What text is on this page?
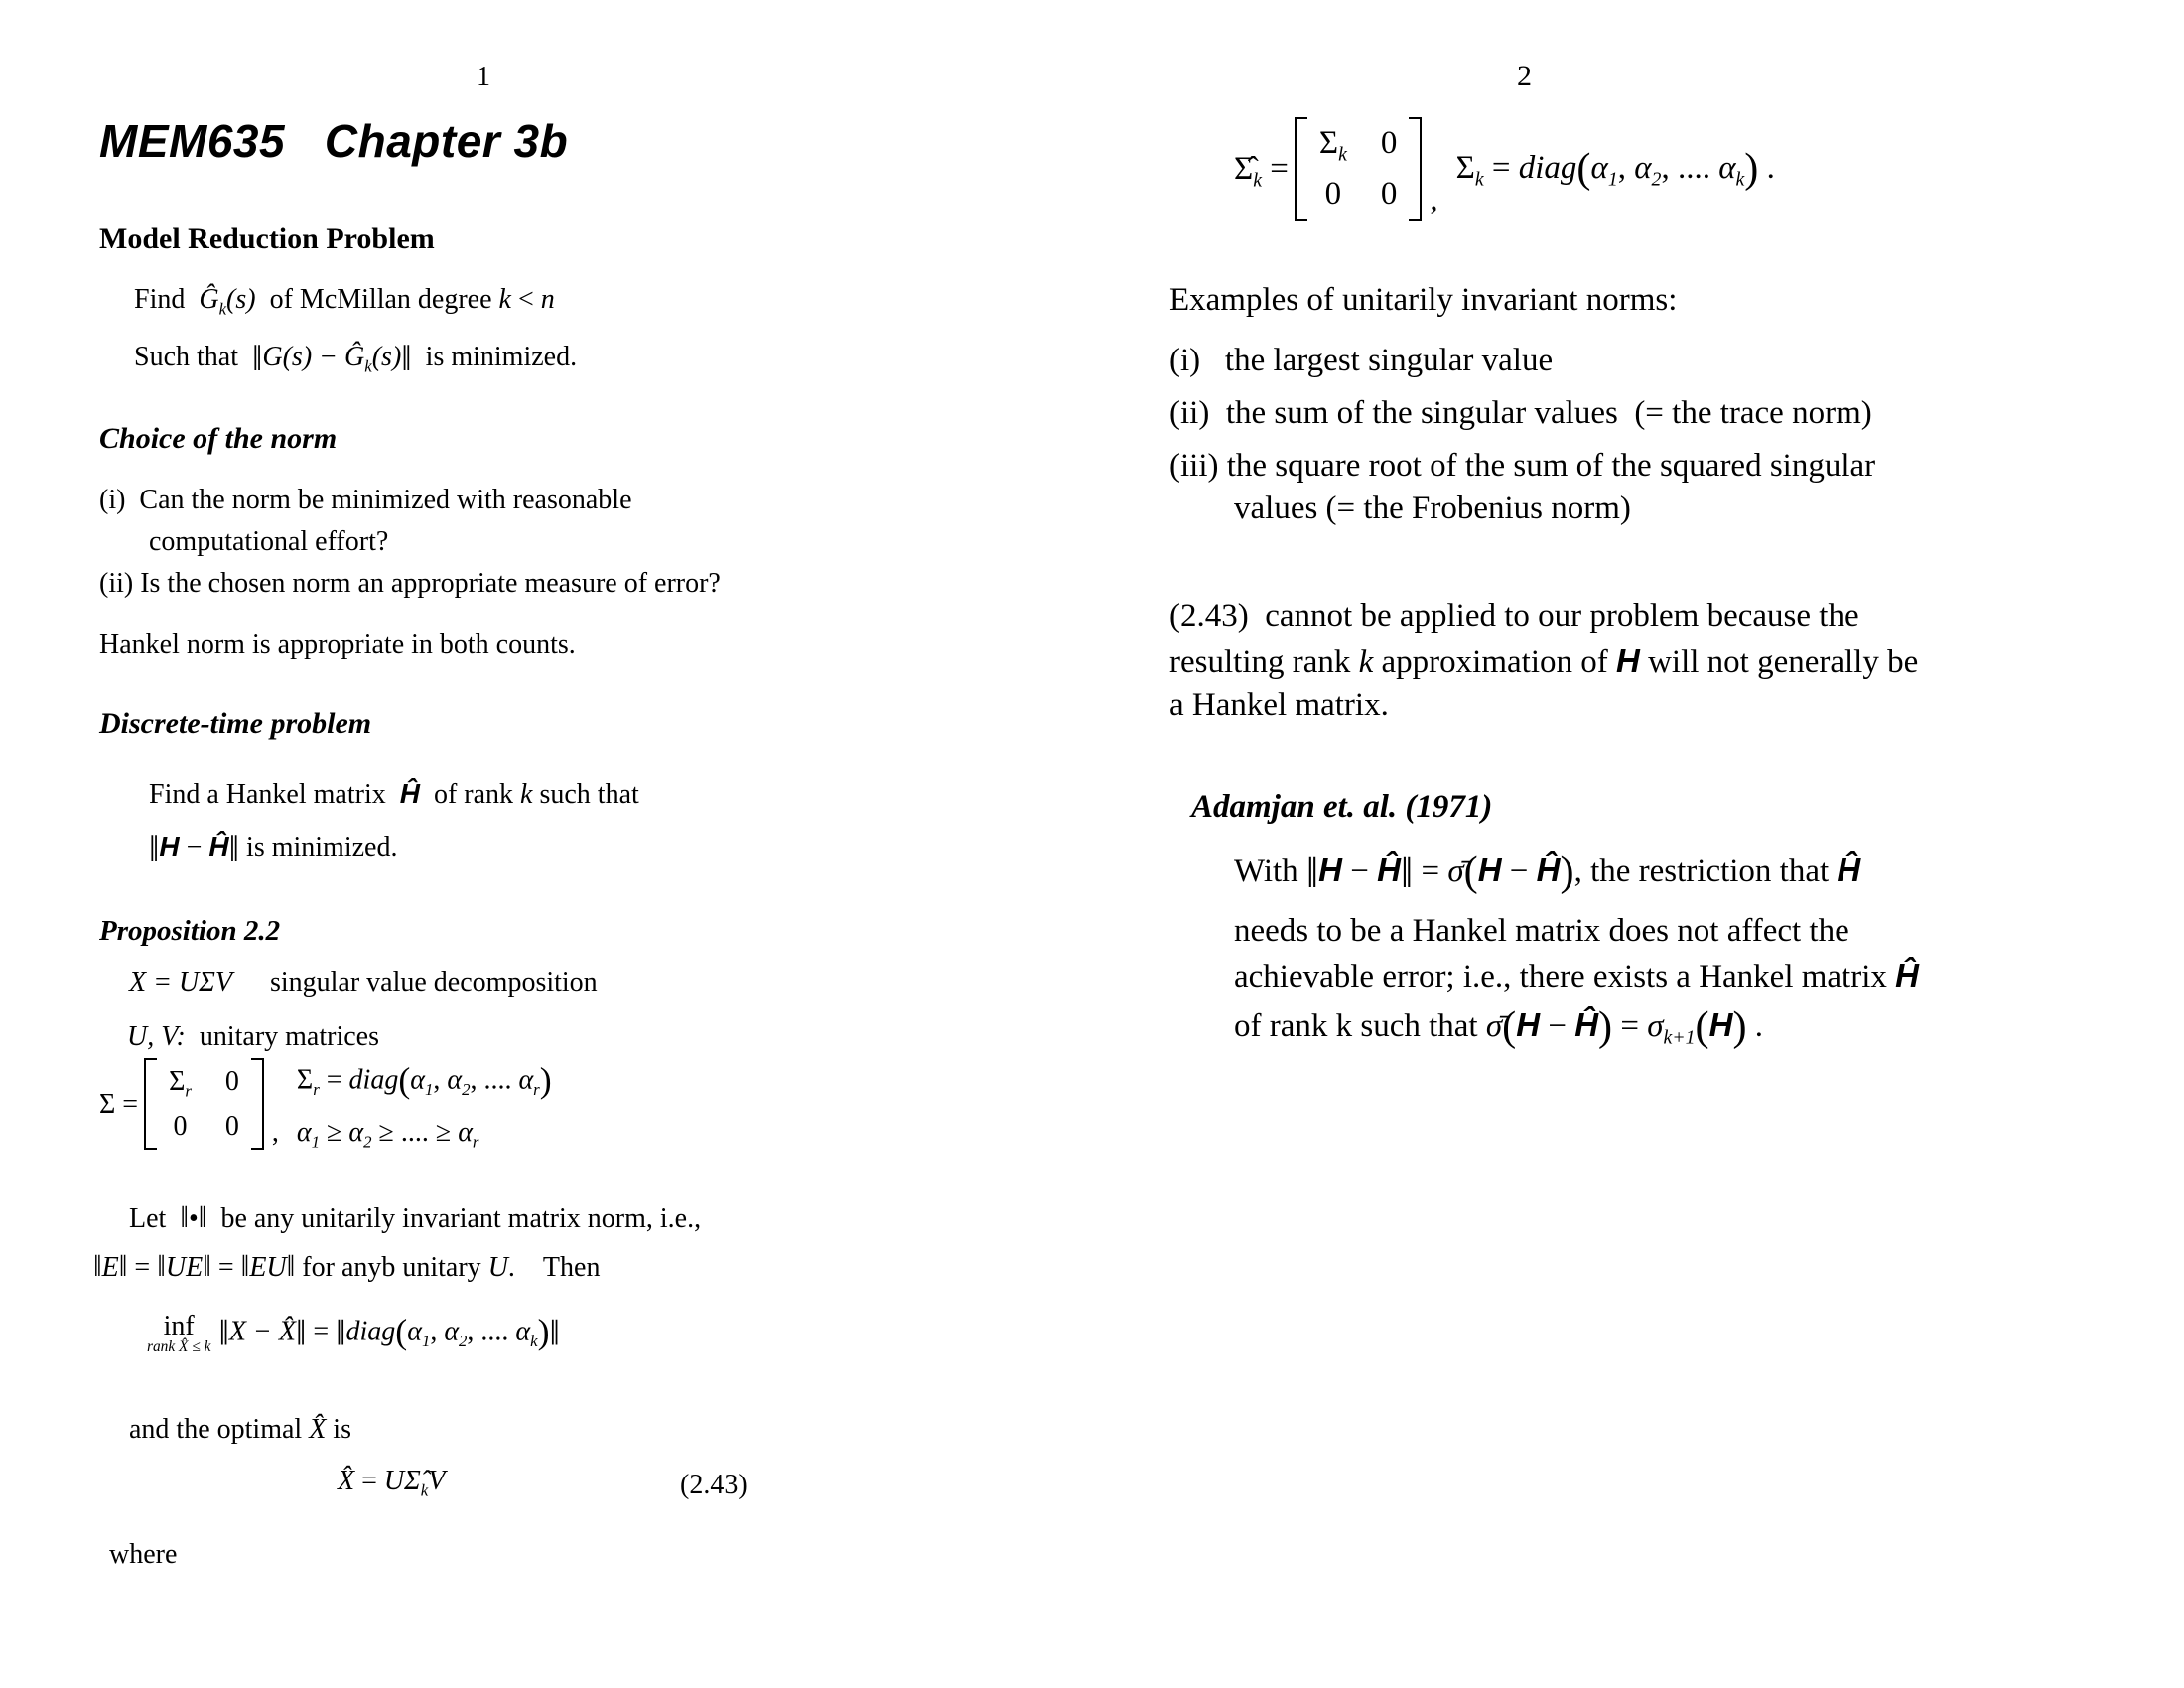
1
MEM635   Chapter 3b
Model Reduction Problem
Find  $Ĝ_k(s)$  of McMillan degree k < n
Such that  ‖G(s) − $Ĝ_k(s)‖$  is minimized.
Choice of the norm
(i)  Can the norm be minimized with reasonable
computational effort?
(ii) Is the chosen norm an appropriate measure of error?
Hankel norm is appropriate in both counts.
Discrete-time problem
Find a Hankel matrix  Ĥ  of rank k such that
‖H − Ĥ‖ is minimized.
Proposition 2.2
X = UΣV singular value decomposition
U, V:  unitary matrices
Σ =
$\Sigma_r$ 0
0 0 ,
$\Sigma_r$ = $diag(\alpha_1$, $\alpha_2$, .... $\alpha_r$)
$\alpha_1 \ge \alpha_2$ ≥ .... ≥ $\alpha_r$
Let  ‖•‖  be any unitarily invariant matrix norm, i.e.,
‖E‖ = ‖UE‖ = ‖EU‖ for anyb unitary U.    Then
inf
rank X̂ ≤ k ‖X − X̂‖ = $‖diag(\alpha_1$, $\alpha_2$, .... $\alpha_k)‖$
and the optimal X̂ is
X̂ = $U\Sigmâ_kV$	(2.43)
where
2
$\Sigmâ_k$ =
$\Sigma_k$ 0
0 0 ,
$\Sigma_k$ = $diag(\alpha_1$, $\alpha_2$, .... $\alpha_k$) .
Examples of unitarily invariant norms:
(i)   the largest singular value
(ii)  the sum of the singular values  (= the trace norm)
(iii) the square root of the sum of the squared singular
values (= the Frobenius norm)
(2.43)  cannot be applied to our problem because the
resulting rank k approximation of H will not generally be
a Hankel matrix.
Adamjan et. al. (1971)
With ‖H − Ĥ‖ = σ̄(H − Ĥ), the restriction that Ĥ
needs to be a Hankel matrix does not affect the
achievable error; i.e., there exists a Hankel matrix Ĥ
of rank k such that σ̄(H − Ĥ) = $\sigma_{k+1}(H)$ .
